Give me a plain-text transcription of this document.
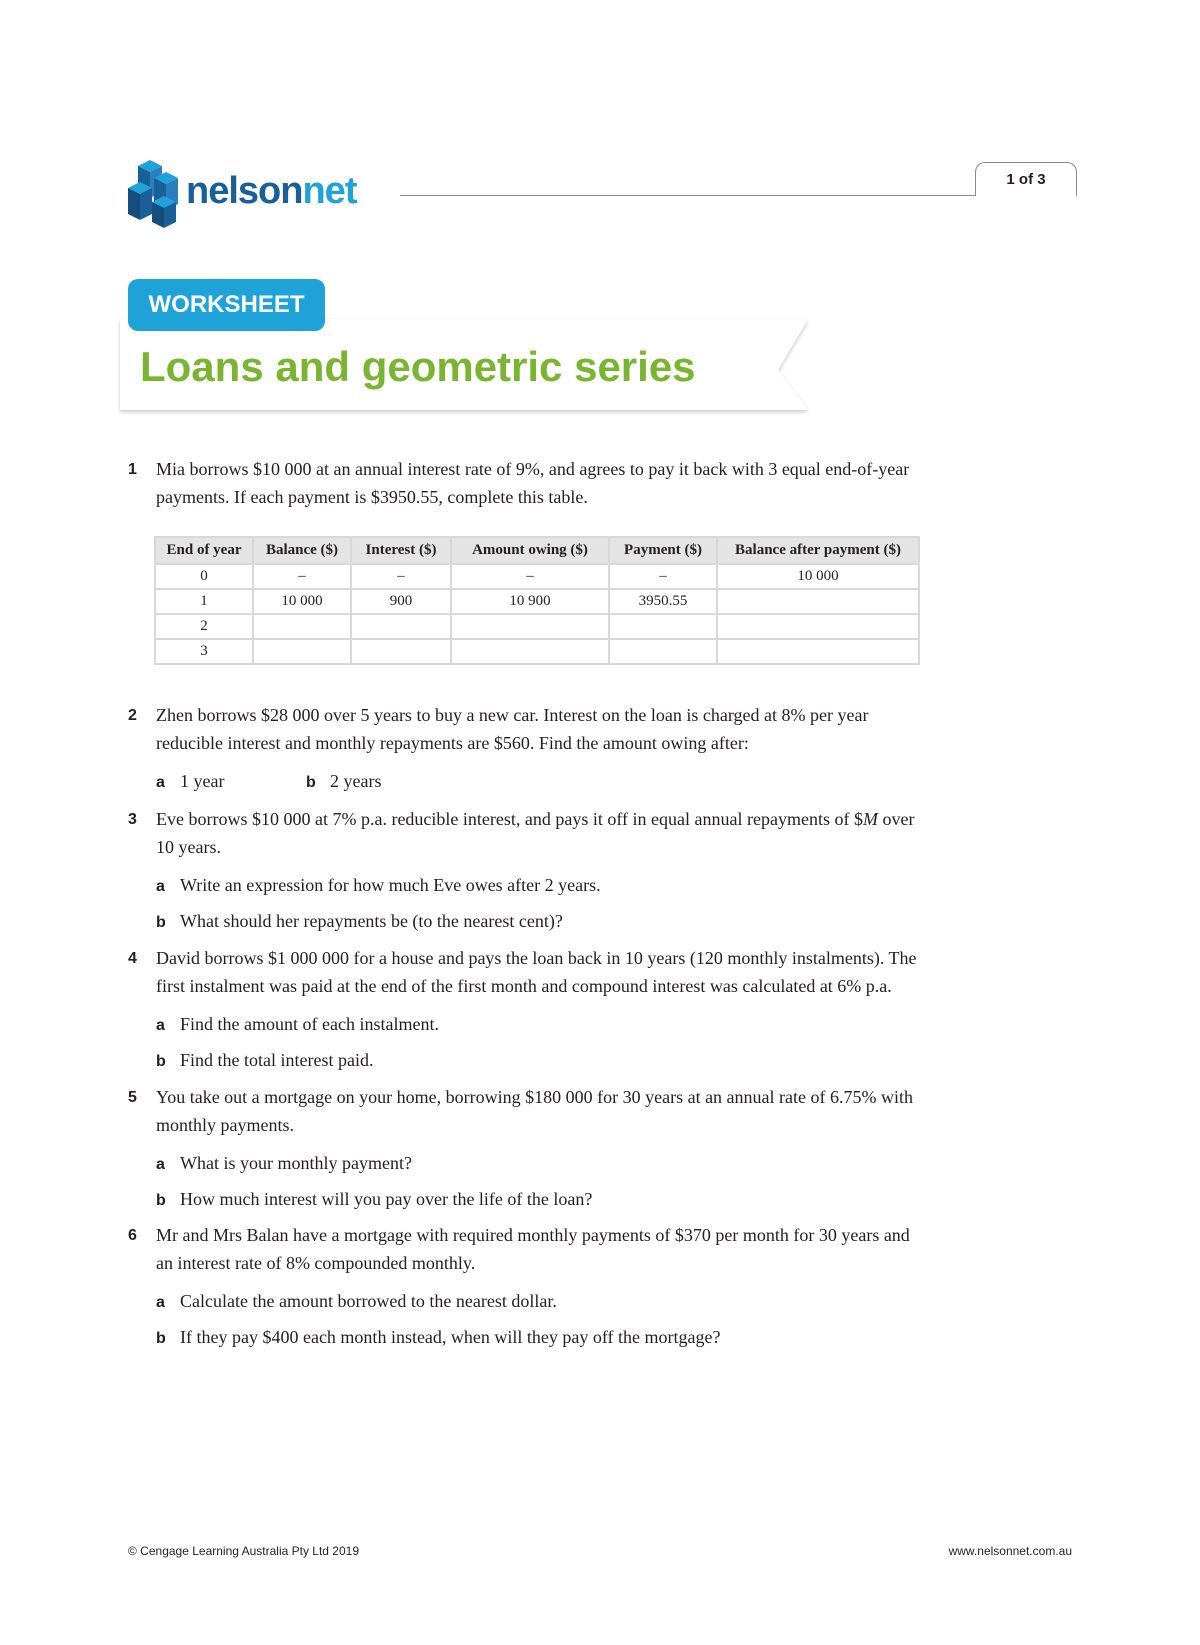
nelsonnet	1 of 3
WORKSHEET
Loans and geometric series
1	Mia borrows $10 000 at an annual interest rate of 9%, and agrees to pay it back with 3 equal end-of-year
payments. If each payment is $3950.55, complete this table.
End of year	Balance ($)	Interest ($)	Amount owing ($)	Payment ($)	Balance after payment ($)
0	–	–	–	–	10 000
1	10 000	900	10 900	3950.55	
2					
3					
2	Zhen borrows $28 000 over 5 years to buy a new car. Interest on the loan is charged at 8% per year
reducible interest and monthly repayments are $560. Find the amount owing after:
a 1 year	b 2 years
3	Eve borrows $10 000 at 7% p.a. reducible interest, and pays it off in equal annual repayments of $M over
10 years.
a Write an expression for how much Eve owes after 2 years.
b What should her repayments be (to the nearest cent)?
4	David borrows $1 000 000 for a house and pays the loan back in 10 years (120 monthly instalments). The
first instalment was paid at the end of the first month and compound interest was calculated at 6% p.a.
a Find the amount of each instalment.
b Find the total interest paid.
5	You take out a mortgage on your home, borrowing $180 000 for 30 years at an annual rate of 6.75% with
monthly payments.
a What is your monthly payment?
b How much interest will you pay over the life of the loan?
6	Mr and Mrs Balan have a mortgage with required monthly payments of $370 per month for 30 years and
an interest rate of 8% compounded monthly.
a Calculate the amount borrowed to the nearest dollar.
b If they pay $400 each month instead, when will they pay off the mortgage?
© Cengage Learning Australia Pty Ltd 2019	www.nelsonnet.com.au
